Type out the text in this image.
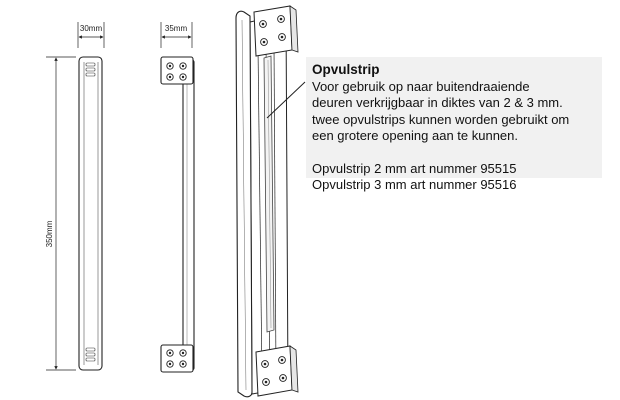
30mm
350mm
35mm
Opvulstrip
Voor gebruik op naar buitendraaiende
deuren verkrijgbaar in diktes van 2 & 3 mm.
twee opvulstrips kunnen worden gebruikt om
een grotere opening aan te kunnen.
Opvulstrip 2 mm art nummer 95515
Opvulstrip 3 mm art nummer 95516
